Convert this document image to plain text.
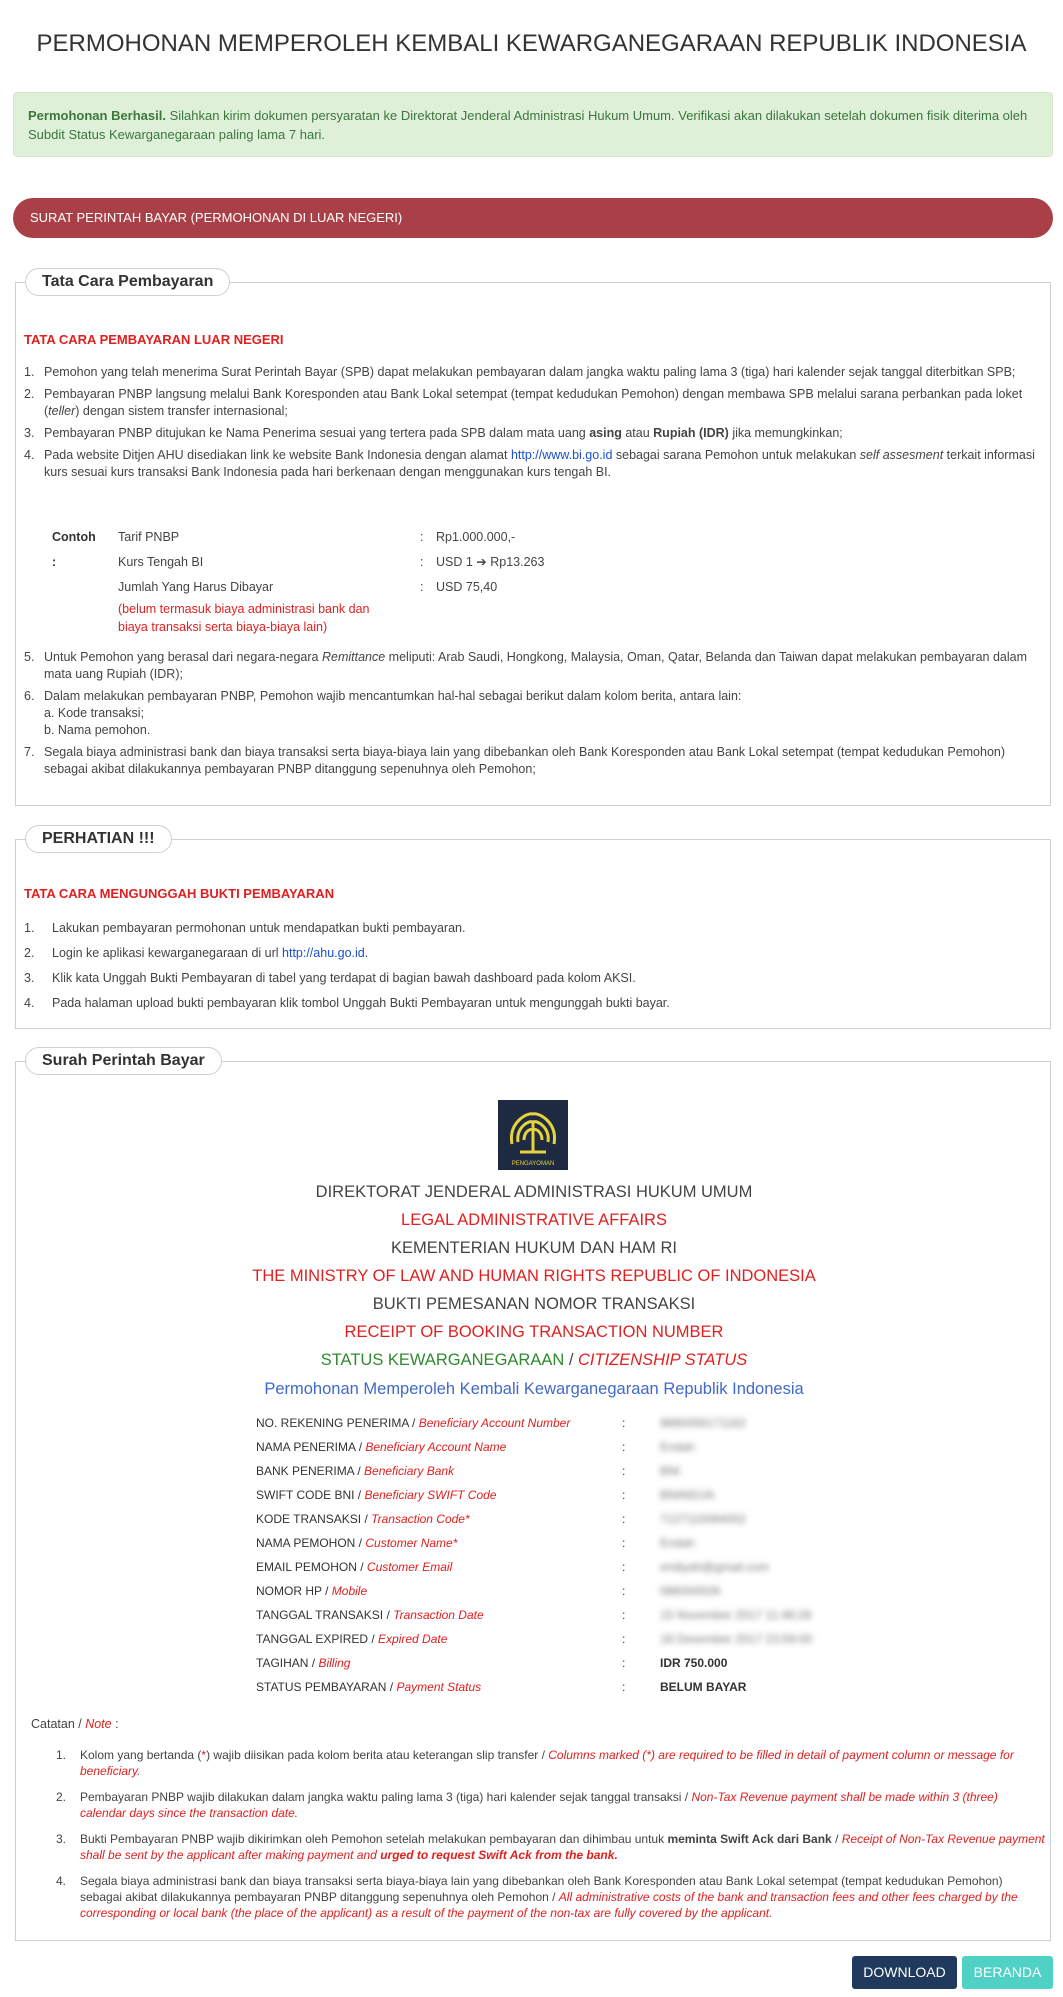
PERMOHONAN MEMPEROLEH KEMBALI KEWARGANEGARAAN REPUBLIK INDONESIA
Permohonan Berhasil. Silahkan kirim dokumen persyaratan ke Direktorat Jenderal Administrasi Hukum Umum. Verifikasi akan dilakukan setelah dokumen fisik diterima oleh Subdit Status Kewarganegaraan paling lama 7 hari.
SURAT PERINTAH BAYAR (PERMOHONAN DI LUAR NEGERI)
Tata Cara Pembayaran
TATA CARA PEMBAYARAN LUAR NEGERI
1. Pemohon yang telah menerima Surat Perintah Bayar (SPB) dapat melakukan pembayaran dalam jangka waktu paling lama 3 (tiga) hari kalender sejak tanggal diterbitkan SPB;
2. Pembayaran PNBP langsung melalui Bank Koresponden atau Bank Lokal setempat (tempat kedudukan Pemohon) dengan membawa SPB melalui sarana perbankan pada loket (teller) dengan sistem transfer internasional;
3. Pembayaran PNBP ditujukan ke Nama Penerima sesuai yang tertera pada SPB dalam mata uang asing atau Rupiah (IDR) jika memungkinkan;
4. Pada website Ditjen AHU disediakan link ke website Bank Indonesia dengan alamat http://www.bi.go.id sebagai sarana Pemohon untuk melakukan self assesment terkait informasi kurs sesuai kurs transaksi Bank Indonesia pada hari berkenaan dengan menggunakan kurs tengah BI.
Contoh :
Tarif PNBP	: Rp1.000.000,-
Kurs Tengah BI	: USD 1 ➔ Rp13.263
Jumlah Yang Harus Dibayar	: USD 75,40
(belum termasuk biaya administrasi bank dan biaya transaksi serta biaya-biaya lain)
5. Untuk Pemohon yang berasal dari negara-negara Remittance meliputi: Arab Saudi, Hongkong, Malaysia, Oman, Qatar, Belanda dan Taiwan dapat melakukan pembayaran dalam mata uang Rupiah (IDR);
6. Dalam melakukan pembayaran PNBP, Pemohon wajib mencantumkan hal-hal sebagai berikut dalam kolom berita, antara lain:
a. Kode transaksi;
b. Nama pemohon.
7. Segala biaya administrasi bank dan biaya transaksi serta biaya-biaya lain yang dibebankan oleh Bank Koresponden atau Bank Lokal setempat (tempat kedudukan Pemohon) sebagai akibat dilakukannya pembayaran PNBP ditanggung sepenuhnya oleh Pemohon;
PERHATIAN !!!
TATA CARA MENGUNGGAH BUKTI PEMBAYARAN
1. Lakukan pembayaran permohonan untuk mendapatkan bukti pembayaran.
2. Login ke aplikasi kewarganegaraan di url http://ahu.go.id.
3. Klik kata Unggah Bukti Pembayaran di tabel yang terdapat di bagian bawah dashboard pada kolom AKSI.
4. Pada halaman upload bukti pembayaran klik tombol Unggah Bukti Pembayaran untuk mengunggah bukti bayar.
Surah Perintah Bayar
PENGAYOMAN
DIREKTORAT JENDERAL ADMINISTRASI HUKUM UMUM
LEGAL ADMINISTRATIVE AFFAIRS
KEMENTERIAN HUKUM DAN HAM RI
THE MINISTRY OF LAW AND HUMAN RIGHTS REPUBLIC OF INDONESIA
BUKTI PEMESANAN NOMOR TRANSAKSI
RECEIPT OF BOOKING TRANSACTION NUMBER
STATUS KEWARGANEGARAAN / CITIZENSHIP STATUS
Permohonan Memperoleh Kembali Kewarganegaraan Republik Indonesia
NO. REKENING PENERIMA / Beneficiary Account Number	:	9880056171162
NAMA PENERIMA / Beneficiary Account Name	:	Endah
BANK PENERIMA / Beneficiary Bank	:	BNI
SWIFT CODE BNI / Beneficiary SWIFT Code	:	BNINIDJA
KODE TRANSAKSI / Transaction Code*	:	7127110084002
NAMA PEMOHON / Customer Name*	:	Endah
EMAIL PEMOHON / Customer Email	:	endiyah@gmail.com
NOMOR HP / Mobile	:	088300509
TANGGAL TRANSAKSI / Transaction Date	:	15 November 2017 11:48:28
TANGGAL EXPIRED / Expired Date	:	18 Desember 2017 23:59:00
TAGIHAN / Billing	:	IDR 750.000
STATUS PEMBAYARAN / Payment Status	:	BELUM BAYAR
Catatan / Note :
1. Kolom yang bertanda (*) wajib diisikan pada kolom berita atau keterangan slip transfer / Columns marked (*) are required to be filled in detail of payment column or message for beneficiary.
2. Pembayaran PNBP wajib dilakukan dalam jangka waktu paling lama 3 (tiga) hari kalender sejak tanggal transaksi / Non-Tax Revenue payment shall be made within 3 (three) calendar days since the transaction date.
3. Bukti Pembayaran PNBP wajib dikirimkan oleh Pemohon setelah melakukan pembayaran dan dihimbau untuk meminta Swift Ack dari Bank / Receipt of Non-Tax Revenue payment shall be sent by the applicant after making payment and urged to request Swift Ack from the bank.
4. Segala biaya administrasi bank dan biaya transaksi serta biaya-biaya lain yang dibebankan oleh Bank Koresponden atau Bank Lokal setempat (tempat kedudukan Pemohon) sebagai akibat dilakukannya pembayaran PNBP ditanggung sepenuhnya oleh Pemohon / All administrative costs of the bank and transaction fees and other fees charged by the corresponding or local bank (the place of the applicant) as a result of the payment of the non-tax are fully covered by the applicant.
DOWNLOAD	BERANDA
